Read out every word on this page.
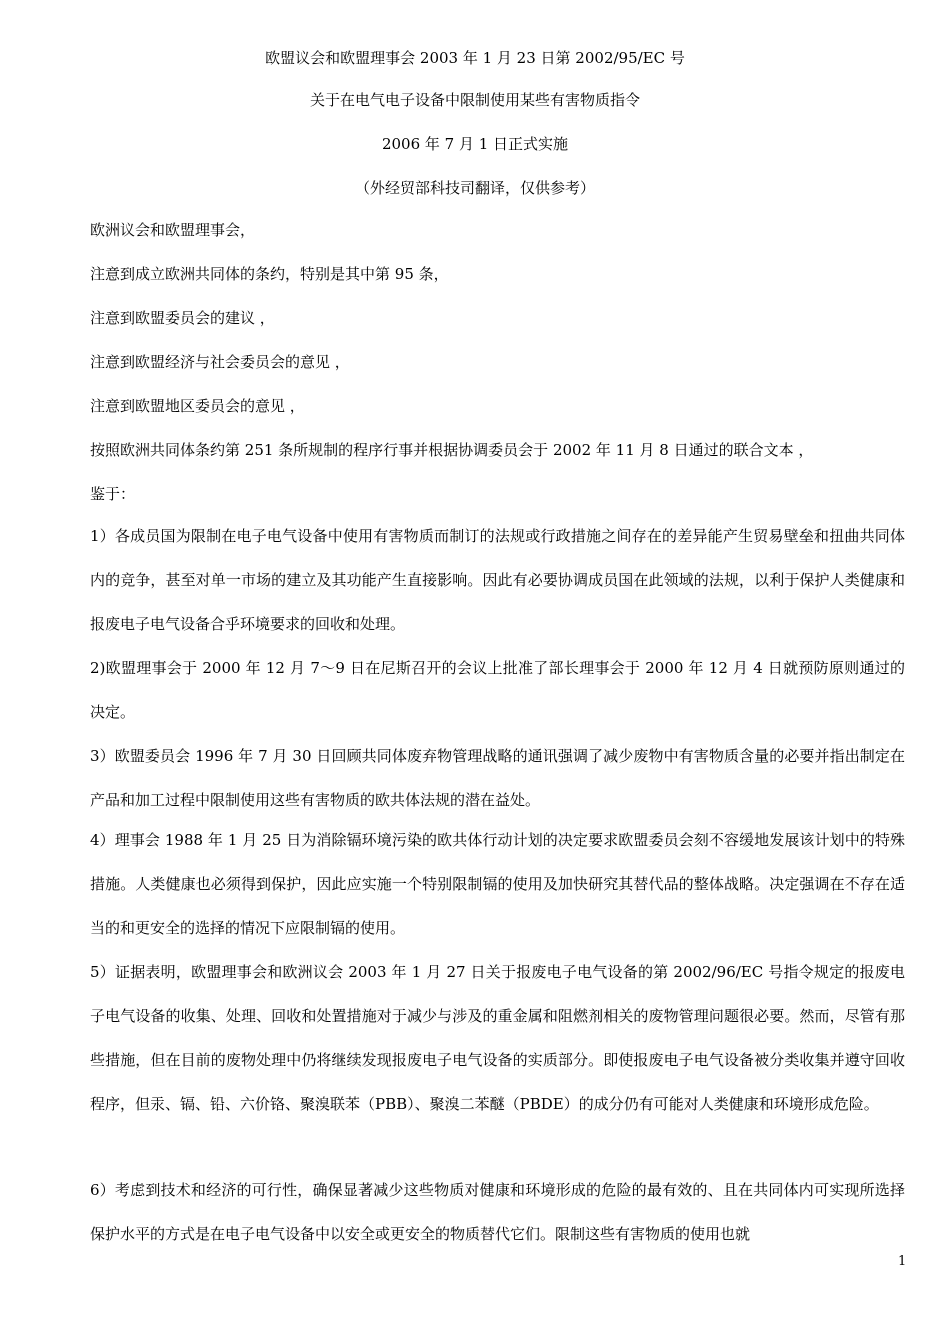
欧盟议会和欧盟理事会 2003 年 1 月 23 日第 2002/95/EC 号

关于在电气电子设备中限制使用某些有害物质指令

2006 年 7 月 1 日正式实施

（外经贸部科技司翻译，仅供参考）

欧洲议会和欧盟理事会，

注意到成立欧洲共同体的条约，特别是其中第 95 条，

注意到欧盟委员会的建议 ，

注意到欧盟经济与社会委员会的意见 ，

注意到欧盟地区委员会的意见 ，

按照欧洲共同体条约第 251 条所规制的程序行事并根据协调委员会于 2002 年 11 月 8 日通过的联合文本 ，

鉴于：

1）各成员国为限制在电子电气设备中使用有害物质而制订的法规或行政措施之间存在的差异能产生贸易壁垒和扭曲共同体内的竞争，甚至对单一市场的建立及其功能产生直接影响。因此有必要协调成员国在此领域的法规，以利于保护人类健康和报废电子电气设备合乎环境要求的回收和处理。

2)欧盟理事会于 2000 年 12 月 7～9 日在尼斯召开的会议上批准了部长理事会于 2000 年 12 月 4 日就预防原则通过的决定。

3）欧盟委员会 1996 年 7 月 30 日回顾共同体废弃物管理战略的通讯强调了减少废物中有害物质含量的必要并指出制定在产品和加工过程中限制使用这些有害物质的欧共体法规的潜在益处。

4）理事会 1988 年 1 月 25 日为消除镉环境污染的欧共体行动计划的决定要求欧盟委员会刻不容缓地发展该计划中的特殊措施。人类健康也必须得到保护，因此应实施一个特别限制镉的使用及加快研究其替代品的整体战略。决定强调在不存在适当的和更安全的选择的情况下应限制镉的使用。

5）证据表明，欧盟理事会和欧洲议会 2003 年 1 月 27 日关于报废电子电气设备的第 2002/96/EC 号指令规定的报废电子电气设备的收集、处理、回收和处置措施对于减少与涉及的重金属和阻燃剂相关的废物管理问题很必要。然而，尽管有那些措施，但在目前的废物处理中仍将继续发现报废电子电气设备的实质部分。即使报废电子电气设备被分类收集并遵守回收程序，但汞、镉、铅、六价铬、聚溴联苯（PBB）、聚溴二苯醚（PBDE）的成分仍有可能对人类健康和环境形成危险。

6）考虑到技术和经济的可行性，确保显著减少这些物质对健康和环境形成的危险的最有效的、且在共同体内可实现所选择保护水平的方式是在电子电气设备中以安全或更安全的物质替代它们。限制这些有害物质的使用也就

1
